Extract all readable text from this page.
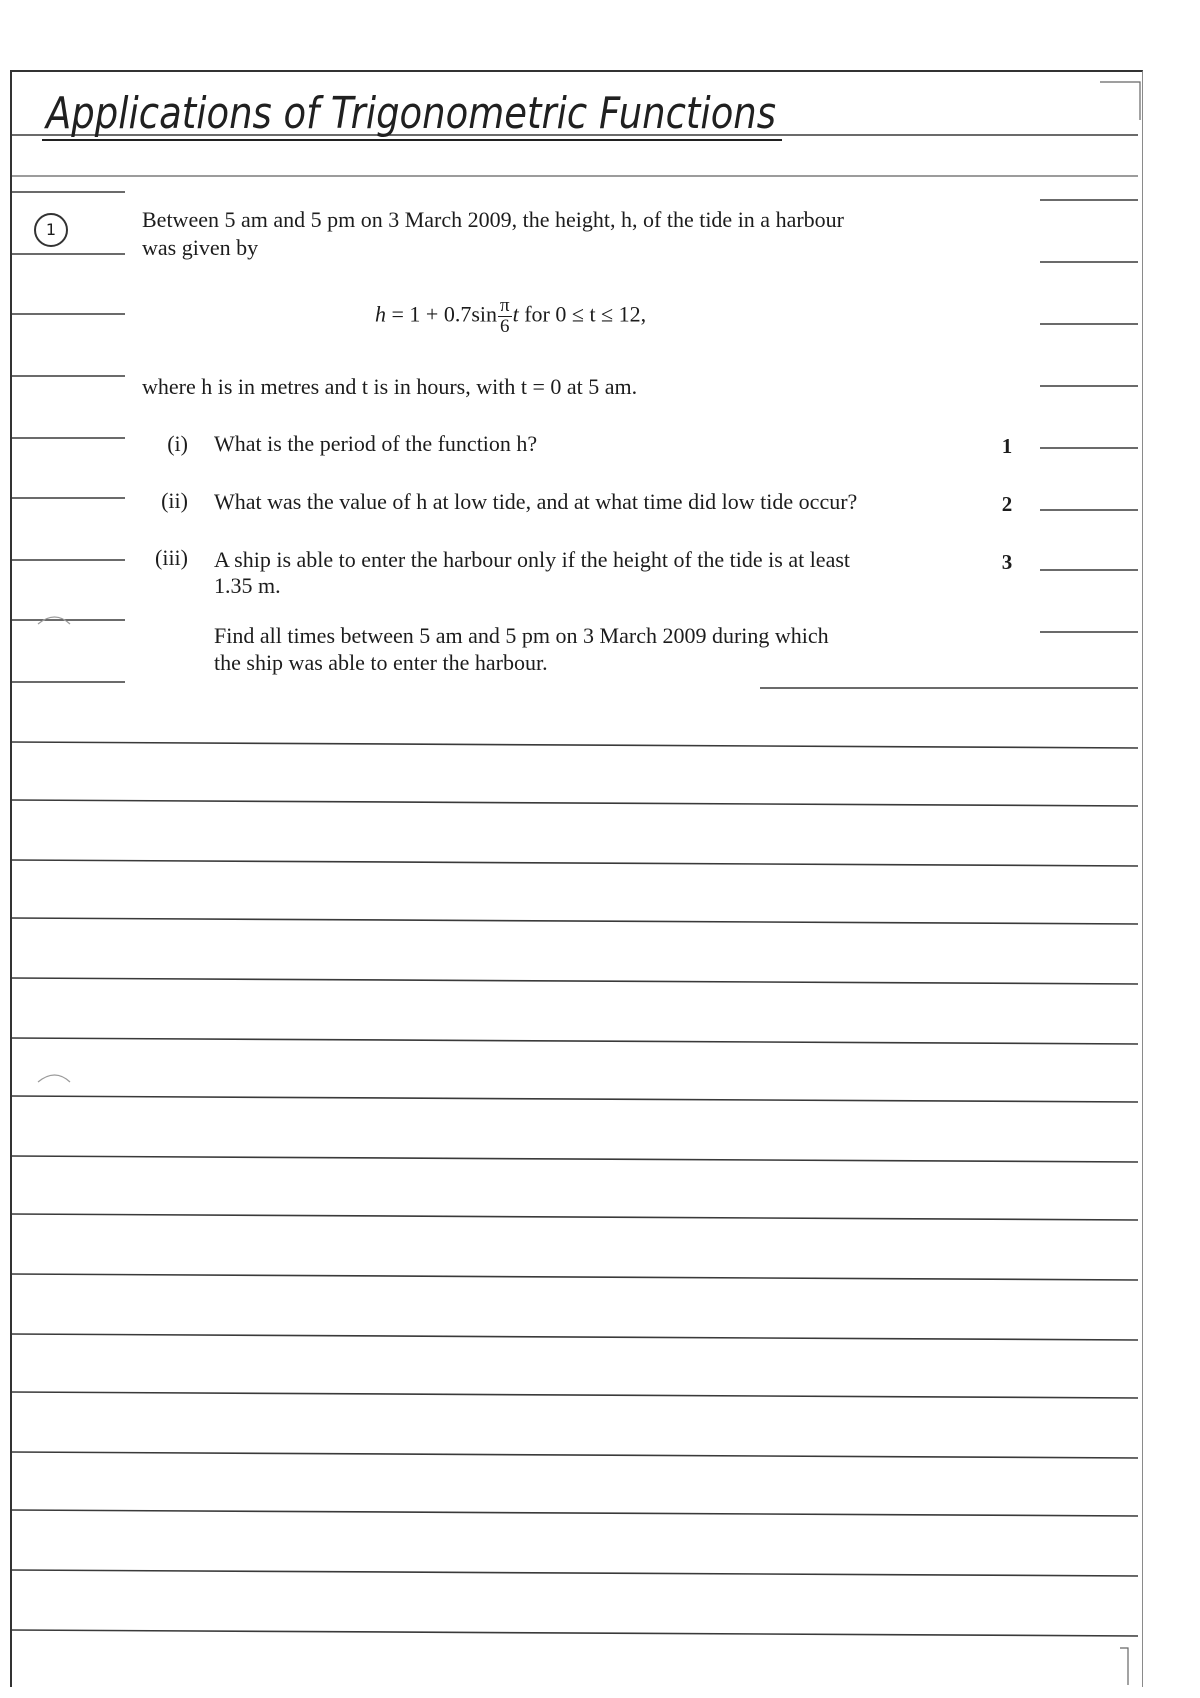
Applications of Trigonometric Functions
1	Between 5 am and 5 pm on 3 March 2009, the height, h, of the tide in a harbour
was given by
$h = 1 + 0.7\sin \frac{\pi}{6}$ t for 0 ≤ t ≤ 12,
where h is in metres and t is in hours, with t = 0 at 5 am.
(i) What is the period of the function h?	1
(ii) What was the value of h at low tide, and at what time did low tide occur?	2
(iii) A ship is able to enter the harbour only if the height of the tide is at least
1.35 m.
3
Find all times between 5 am and 5 pm on 3 March 2009 during which
the ship was able to enter the harbour.
